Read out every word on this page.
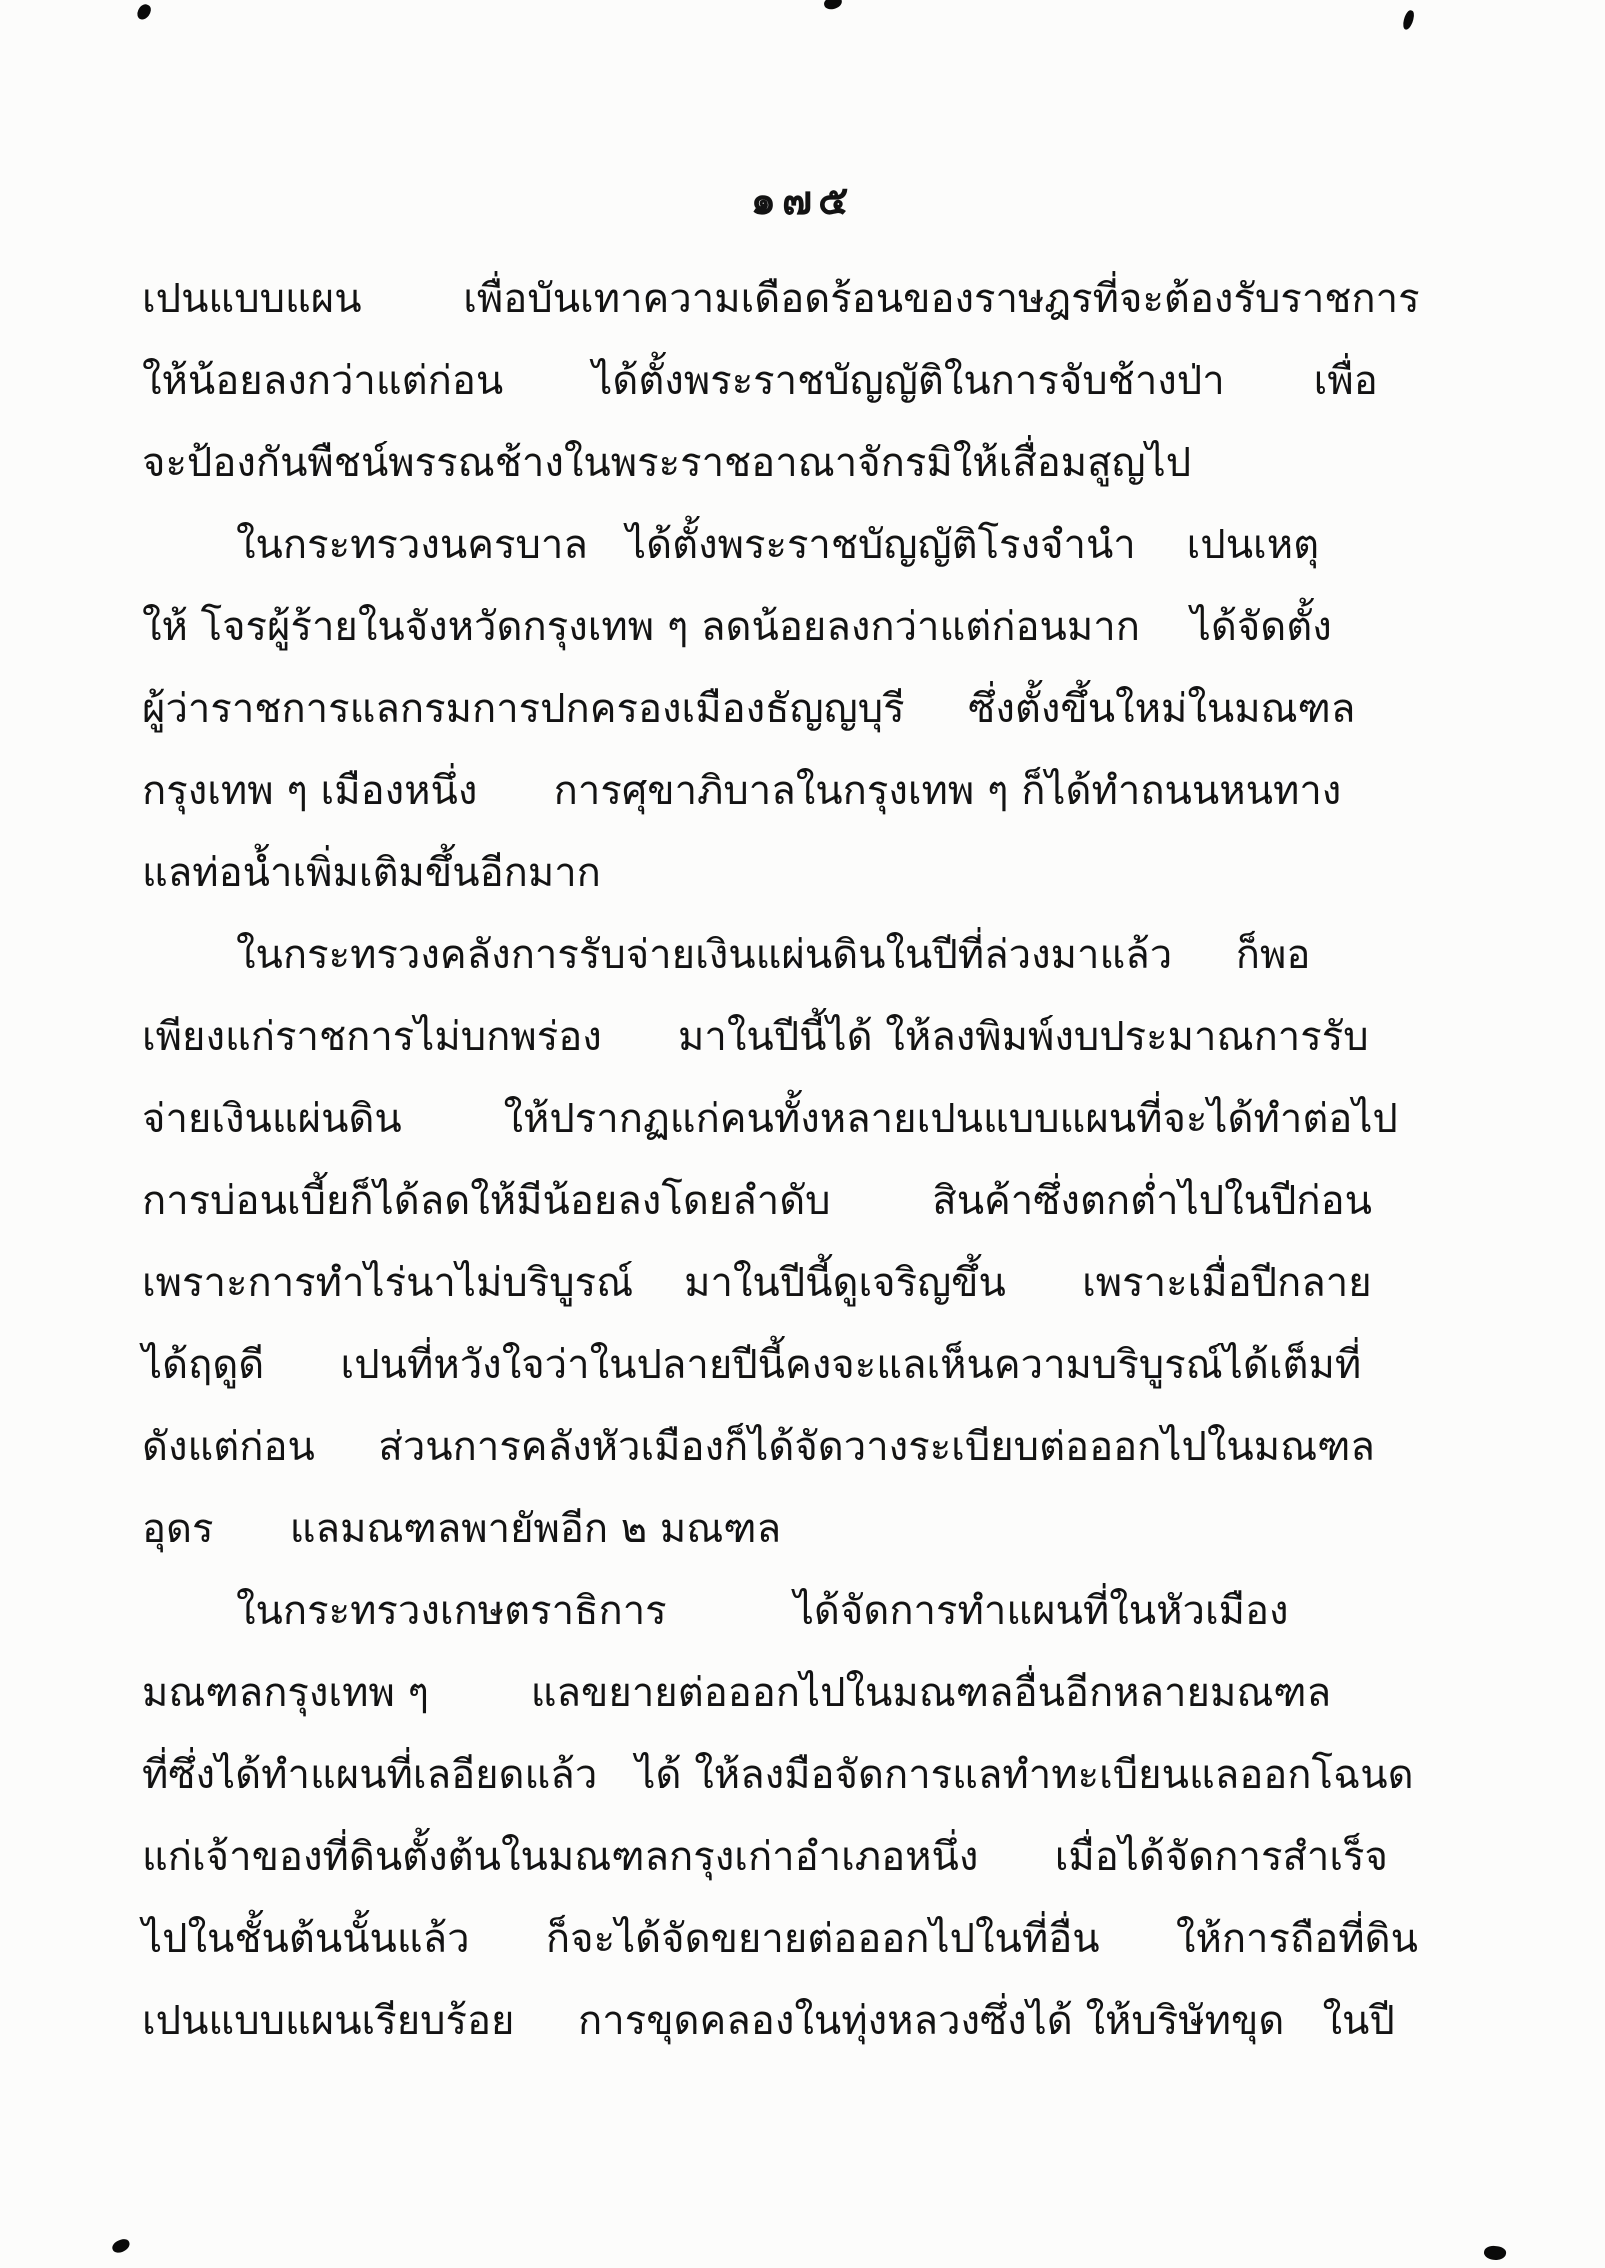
๑๗๕
เปนแบบแผน        เพื่อบันเทาความเดือดร้อนของราษฎรที่จะต้องรับราชการ
ให้น้อยลงกว่าแต่ก่อน       ได้ตั้งพระราชบัญญัติในการจับช้างป่า       เพื่อ
จะป้องกันพืชน์พรรณช้างในพระราชอาณาจักรมิให้เสื่อมสูญไป
ในกระทรวงนครบาล   ได้ตั้งพระราชบัญญัติโรงจำนำ    เปนเหตุ
ให้ โจรผู้ร้ายในจังหวัดกรุงเทพ ๆ ลดน้อยลงกว่าแต่ก่อนมาก    ได้จัดตั้ง
ผู้ว่าราชการแลกรมการปกครองเมืองธัญญบุรี     ซึ่งตั้งขึ้นใหม่ในมณฑล
กรุงเทพ ๆ เมืองหนึ่ง      การศุขาภิบาลในกรุงเทพ ๆ ก็ได้ทำถนนหนทาง
แลท่อน้ำเพิ่มเติมขึ้นอีกมาก
ในกระทรวงคลังการรับจ่ายเงินแผ่นดินในปีที่ล่วงมาแล้ว     ก็พอ
เพียงแก่ราชการไม่บกพร่อง      มาในปีนี้ได้ ให้ลงพิมพ์งบประมาณการรับ
จ่ายเงินแผ่นดิน        ให้ปรากฏแก่คนทั้งหลายเปนแบบแผนที่จะได้ทำต่อไป
การบ่อนเบี้ยก็ได้ลดให้มีน้อยลงโดยลำดับ        สินค้าซึ่งตกต่ำไปในปีก่อน
เพราะการทำไร่นาไม่บริบูรณ์    มาในปีนี้ดูเจริญขึ้น      เพราะเมื่อปีกลาย
ได้ฤดูดี      เปนที่หวังใจว่าในปลายปีนี้คงจะแลเห็นความบริบูรณ์ได้เต็มที่
ดังแต่ก่อน     ส่วนการคลังหัวเมืองก็ได้จัดวางระเบียบต่อออกไปในมณฑล
อุดร      แลมณฑลพายัพอีก ๒ มณฑล
ในกระทรวงเกษตราธิการ          ได้จัดการทำแผนที่ในหัวเมือง
มณฑลกรุงเทพ ๆ        แลขยายต่อออกไปในมณฑลอื่นอีกหลายมณฑล
ที่ซึ่งได้ทำแผนที่เลอียดแล้ว   ได้ ให้ลงมือจัดการแลทำทะเบียนแลออกโฉนด
แก่เจ้าของที่ดินตั้งต้นในมณฑลกรุงเก่าอำเภอหนึ่ง      เมื่อได้จัดการสำเร็จ
ไปในชั้นต้นนั้นแล้ว      ก็จะได้จัดขยายต่อออกไปในที่อื่น      ให้การถือที่ดิน
เปนแบบแผนเรียบร้อย     การขุดคลองในทุ่งหลวงซึ่งได้ ให้บริษัทขุด   ในปี
